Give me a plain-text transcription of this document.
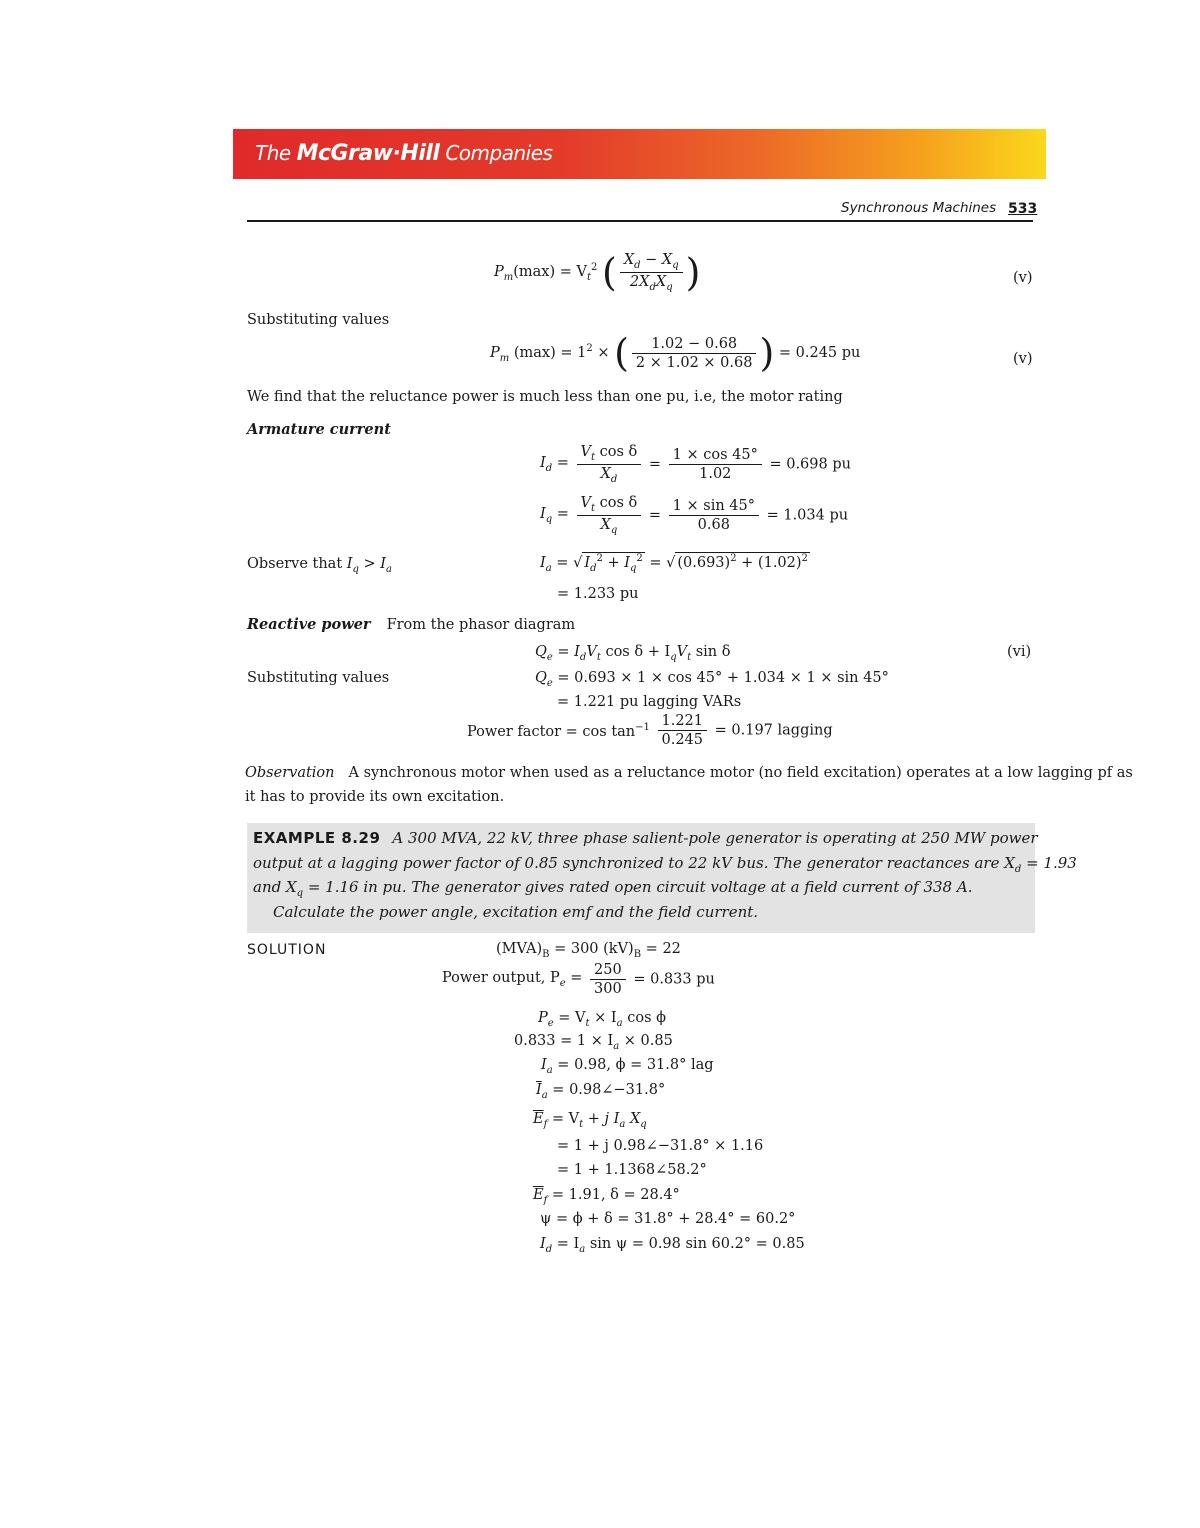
The McGraw·Hill Companies
Synchronous Machines 533
$P_m(\max) = V_t^2$ ( $\frac{X_d - X_q}{2X_dX_q}$ )	(v)
Substituting values
$P_m$ $(\max) = 1^2$ × ( $\frac{1.02 - 0.68}{2 \times 1.02 \times 0.68}$ ) = 0.245 pu	(v)
We find that the reluctance power is much less than one pu, i.e, the motor rating
Armature current
$I_d = \frac{V_t \cos \delta}{X_d} = \frac{1 \times \cos 45^\circ}{1.02} = 0.698$ pu
$I_q = \frac{V_t \cos \delta}{X_q} = \frac{1 \times \sin 45^\circ}{0.68} = 1.034$ pu
Observe that $I_q > I_a$	$I_a$ = √ $I_d^2 + I_q^2$ = √ $(0.693)^2 + (1.02)^2$
= 1.233 pu
Reactive power From the phasor diagram
$Q_e = I_dV_t$ $\cos \delta + I_qV_t$ sin δ	(vi)
Substituting values	$Q_e = 0.693 \times 1 \times \cos 45^\circ + 1.034 \times 1 \times \sin 45^\circ$
= 1.221 pu lagging VARs
Power factor = $\cos \tan^{-1} \frac{1.221}{0.245} = 0.197$ lagging
Observation A synchronous motor when used as a reluctance motor (no field excitation) operates at a low lagging pf as
it has to provide its own excitation.
EXAMPLE 8.29 A 300 MVA, 22 kV, three phase salient-pole generator is operating at 250 MW power
output at a lagging power factor of 0.85 synchronized to 22 kV bus. The generator reactances are $X_d = 1.93$
and $X_q = 1.16$ in pu. The generator gives rated open circuit voltage at a field current of 338 A.
Calculate the power angle, excitation emf and the field current.
SOLUTION	$(MVA)_B = 300$ $(kV)_B = 22$
Power output, $P_e = \frac{250}{300} = 0.833$ pu
$P_e = V_t \times I_a$ cos ϕ
$0.833 = 1 \times I_a \times 0.85$
$I_a = 0.98$, ϕ = 31.8° lag
$\overline{I}_a$ = 0.98∠−31.8°
$\overline{E}_f = V_t + j$ $I_a$ $X_q$
= 1 + j 0.98∠−31.8° × 1.16
= 1 + 1.1368∠58.2°
$\overline{E}_f = 1.91$, δ = 28.4°
ψ = ϕ + δ = 31.8° + 28.4° = 60.2°
$I_d = I_a$ sin ψ = 0.98 sin 60.2° = 0.85
